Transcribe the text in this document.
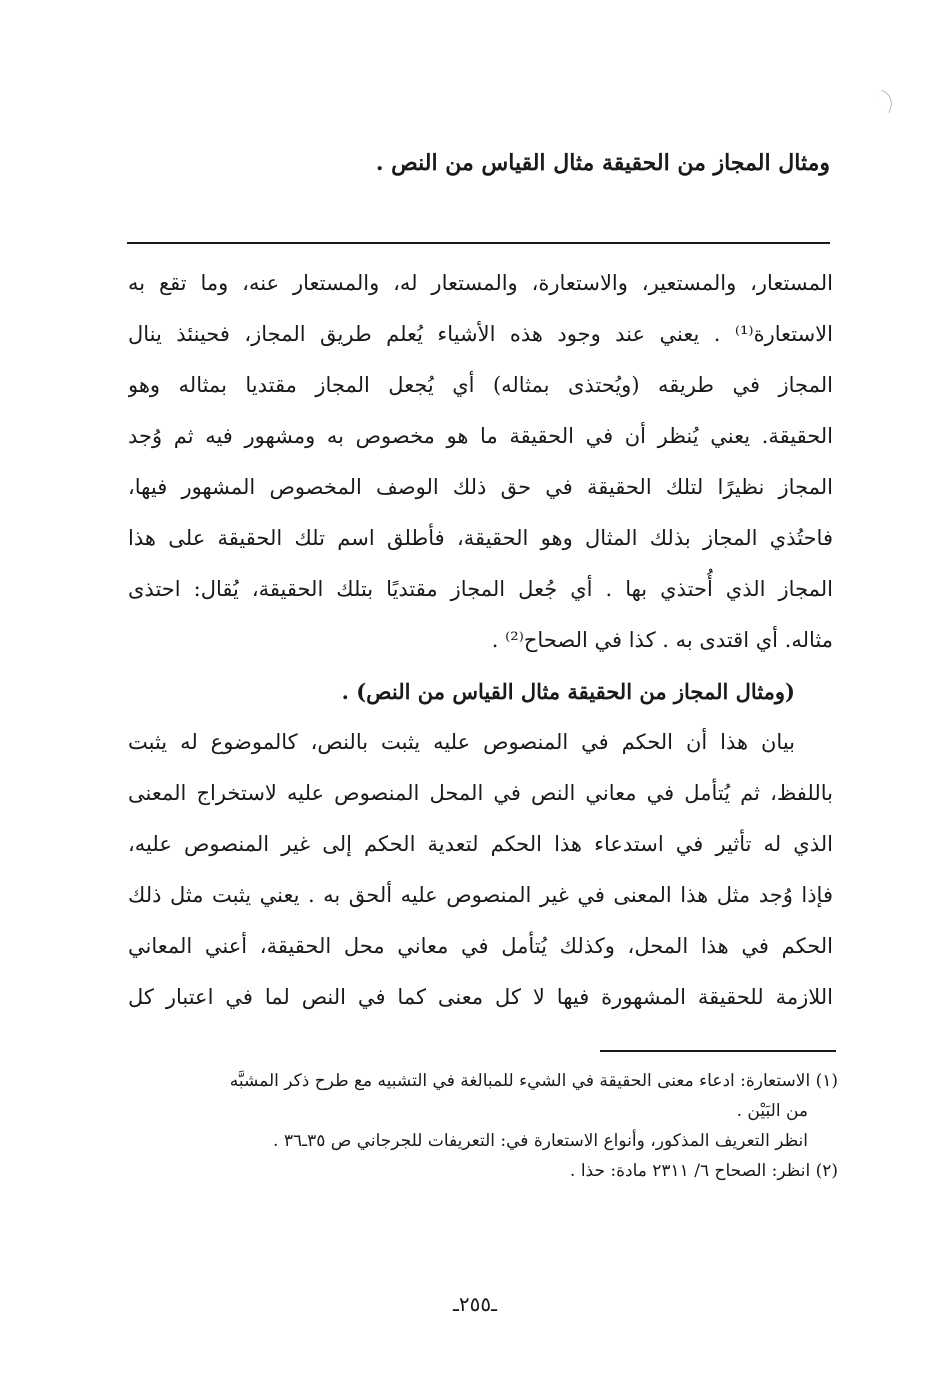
ومثال المجاز من الحقيقة مثال القياس من النص .
المستعار، والمستعير، والاستعارة، والمستعار له، والمستعار عنه، وما تقع به
الاستعارة⁽¹⁾ . يعني عند وجود هذه الأشياء يُعلم طريق المجاز، فحينئذ ينال
المجاز في طريقه (ويُحتذى بمثاله) أي يُجعل المجاز مقتديا بمثاله وهو
الحقيقة. يعني يُنظر أن في الحقيقة ما هو مخصوص به ومشهور فيه ثم وُجد
المجاز نظيرًا لتلك الحقيقة في حق ذلك الوصف المخصوص المشهور فيها،
فاحتُذي المجاز بذلك المثال وهو الحقيقة، فأطلق اسم تلك الحقيقة على هذا
المجاز الذي أُحتذي بها . أي جُعل المجاز مقتديًا بتلك الحقيقة، يُقال: احتذى
مثاله. أي اقتدى به . كذا في الصحاح⁽²⁾ .
(ومثال المجاز من الحقيقة مثال القياس من النص) .
بيان هذا أن الحكم في المنصوص عليه يثبت بالنص، كالموضوع له يثبت
باللفظ، ثم يُتأمل في معاني النص في المحل المنصوص عليه لاستخراج المعنى
الذي له تأثير في استدعاء هذا الحكم لتعدية الحكم إلى غير المنصوص عليه،
فإذا وُجد مثل هذا المعنى في غير المنصوص عليه ألحق به . يعني يثبت مثل ذلك
الحكم في هذا المحل، وكذلك يُتأمل في معاني محل الحقيقة، أعني المعاني
اللازمة للحقيقة المشهورة فيها لا كل معنى كما في النص لما في اعتبار كل
(١) الاستعارة: ادعاء معنى الحقيقة في الشيء للمبالغة في التشبيه مع طرح ذكر المشبَّه
من البَيْن .
انظر التعريف المذكور، وأنواع الاستعارة في: التعريفات للجرجاني ص ٣٥ـ٣٦ .
(٢) انظر: الصحاح ٦/ ٢٣١١ مادة: حذا .
ـ٢٥٥ـ
